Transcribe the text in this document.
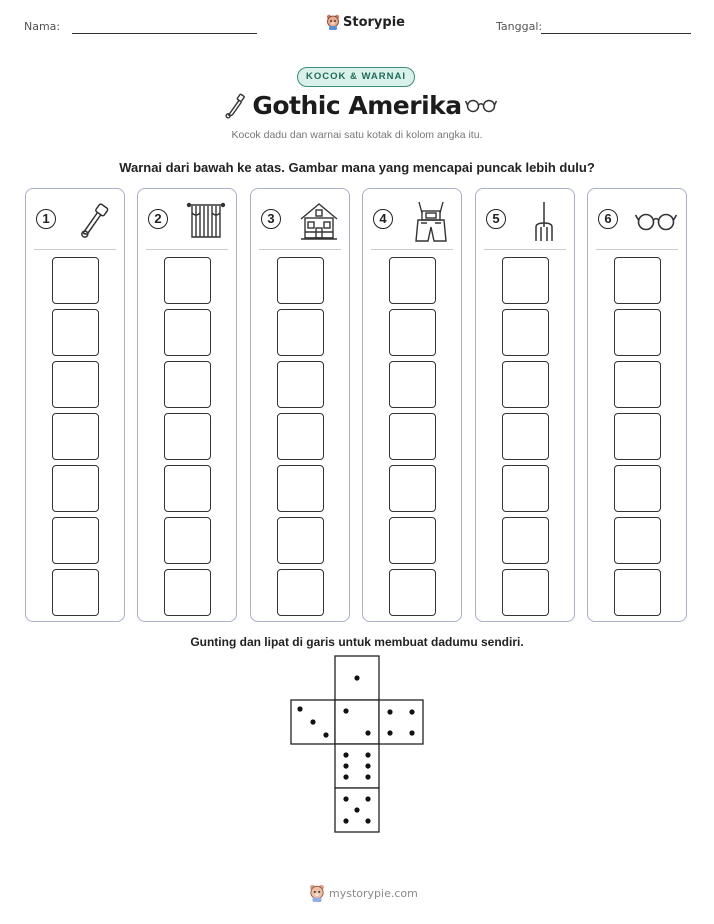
Nama:	Storypie	Tanggal:
KOCOK & WARNAI
Gothic Amerika
Kocok dadu dan warnai satu kotak di kolom angka itu.
Warnai dari bawah ke atas. Gambar mana yang mencapai puncak lebih dulu?
1	2	3	4	5	6
Gunting dan lipat di garis untuk membuat dadumu sendiri.
mystorypie.com
